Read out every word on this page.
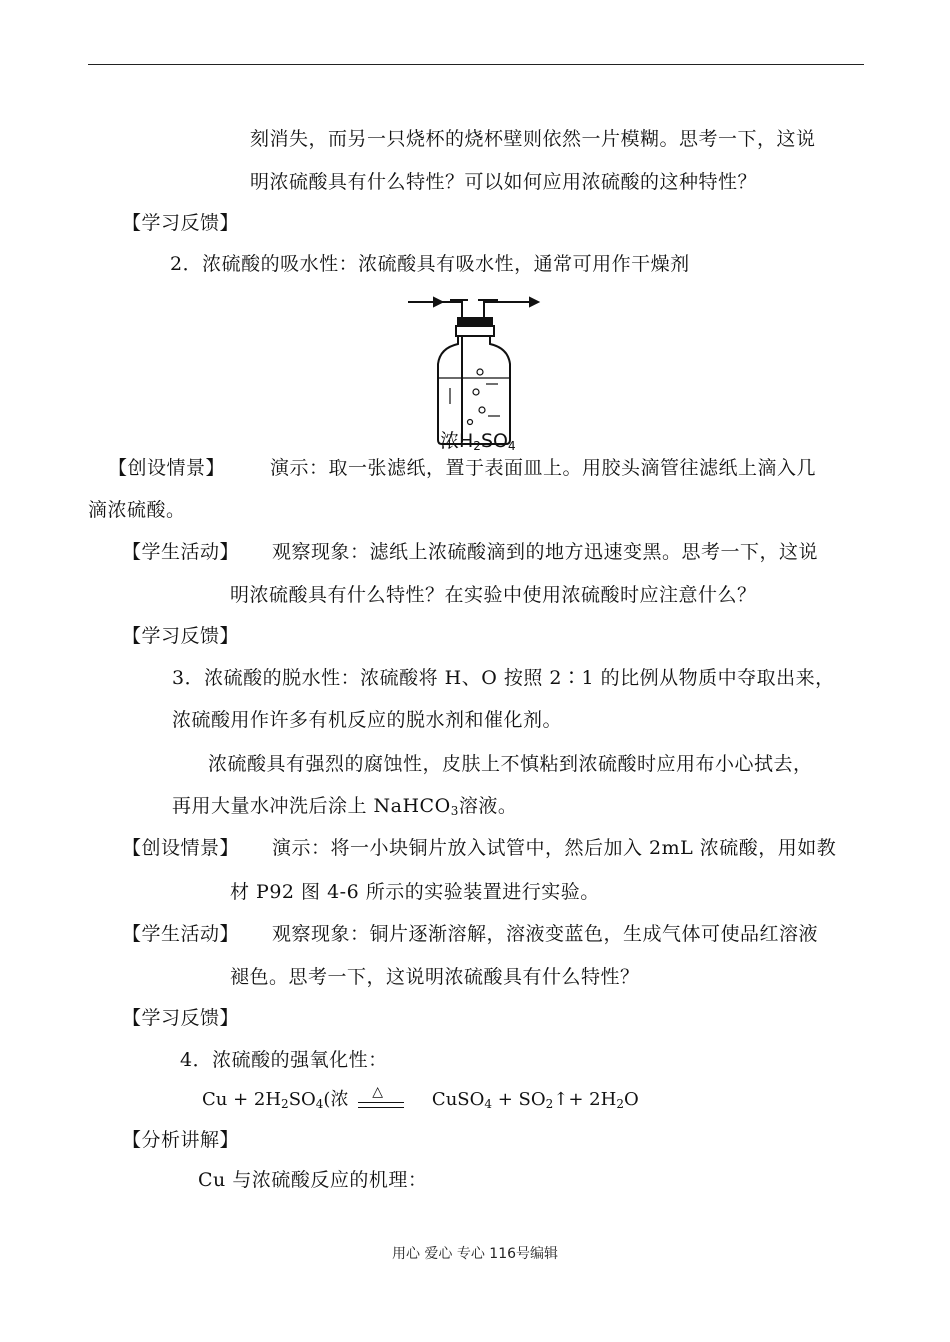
刻消失，而另一只烧杯的烧杯壁则依然一片模糊。思考一下，这说
明浓硫酸具有什么特性？可以如何应用浓硫酸的这种特性？
【学习反馈】
2．浓硫酸的吸水性：浓硫酸具有吸水性，通常可用作干燥剂
浓$H_2SO_4$
【创设情景】 演示：取一张滤纸，置于表面皿上。用胶头滴管往滤纸上滴入几
滴浓硫酸。
【学生活动】 观察现象：滤纸上浓硫酸滴到的地方迅速变黑。思考一下，这说
明浓硫酸具有什么特性？在实验中使用浓硫酸时应注意什么？
【学习反馈】
3．浓硫酸的脱水性：浓硫酸将 H、O 按照 2∶1 的比例从物质中夺取出来，
浓硫酸用作许多有机反应的脱水剂和催化剂。
浓硫酸具有强烈的腐蚀性，皮肤上不慎粘到浓硫酸时应用布小心拭去，
再用大量水冲洗后涂上 NaHCO$_3$溶液。
【创设情景】 演示：将一小块铜片放入试管中，然后加入 2mL 浓硫酸，用如教
材 P92 图 4-6 所示的实验装置进行实验。
【学生活动】 观察现象：铜片逐渐溶解，溶液变蓝色，生成气体可使品红溶液
褪色。思考一下，这说明浓硫酸具有什么特性？
【学习反馈】
4．浓硫酸的强氧化性：
$Cu + 2H_2SO_4$(浓 △	CuSO$_4$ + $SO_2↑+ 2H_2O$
【分析讲解】
Cu 与浓硫酸反应的机理：
用心 爱心 专心 116号编辑
